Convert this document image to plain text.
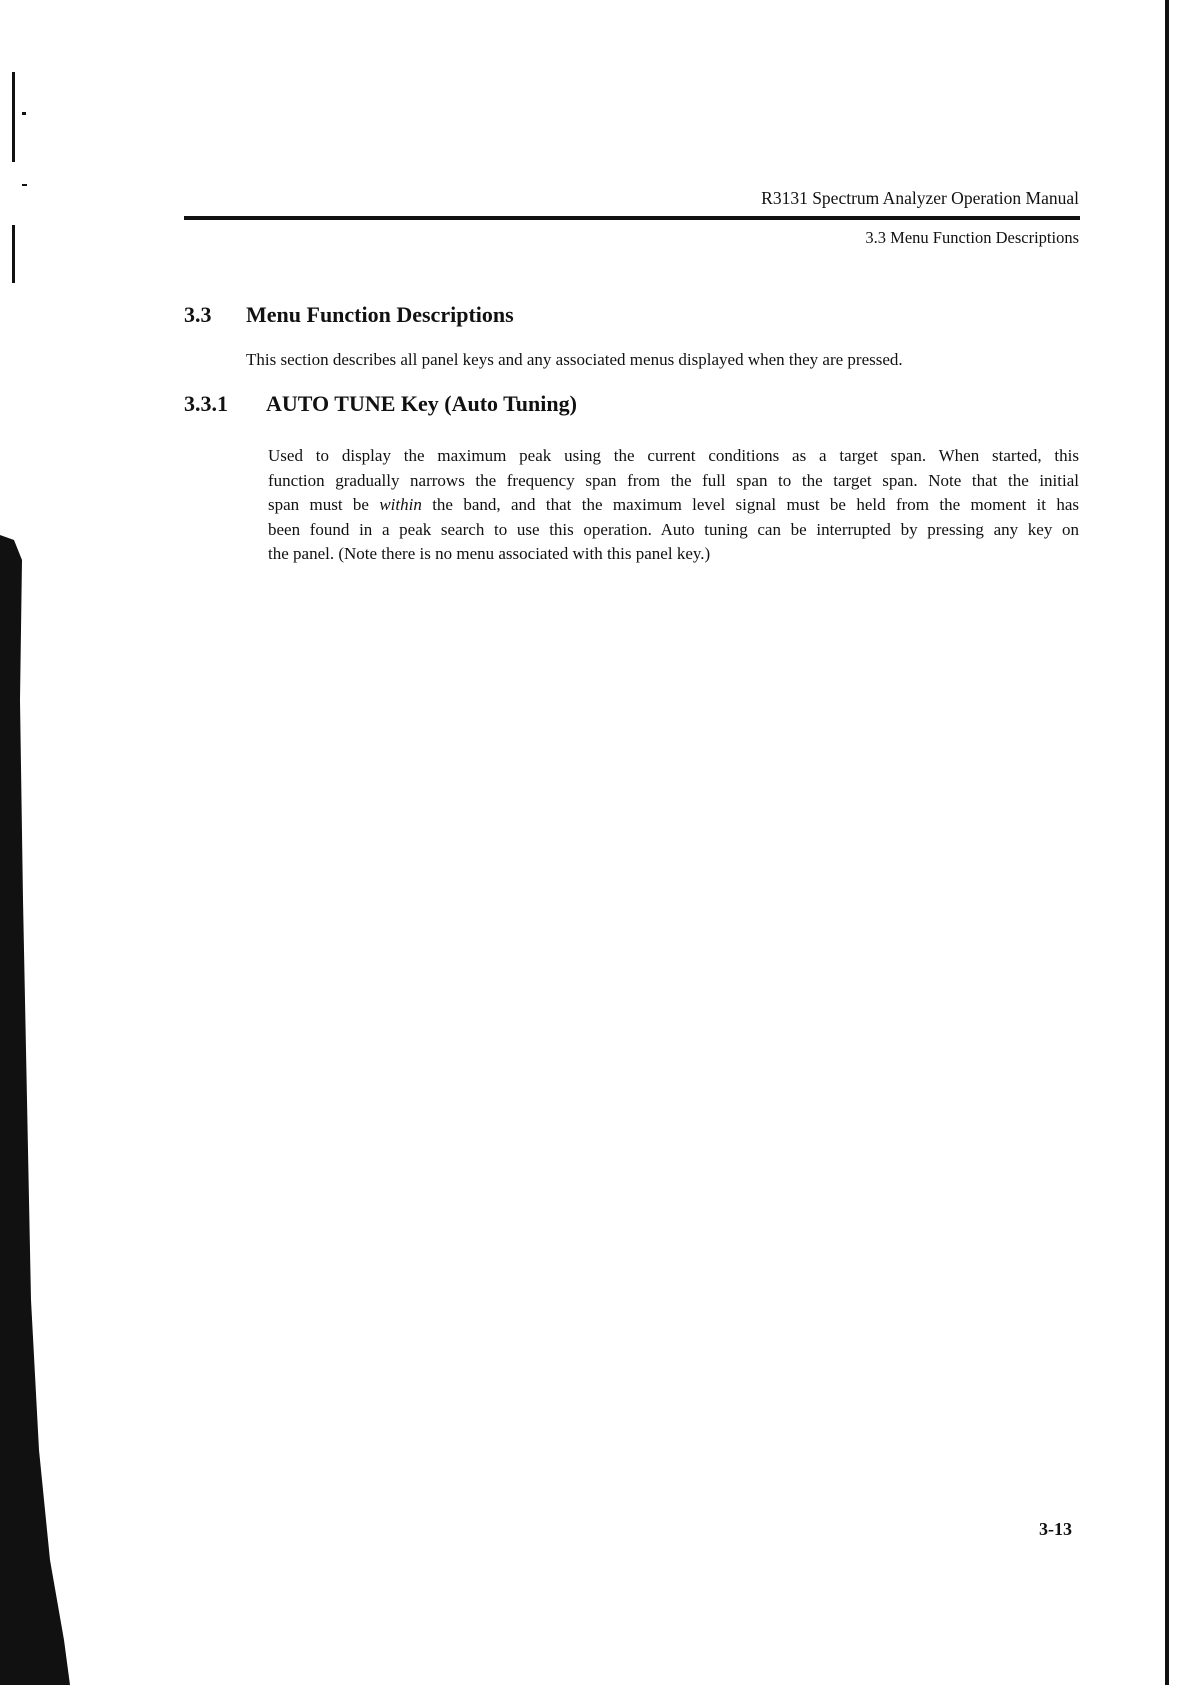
R3131 Spectrum Analyzer Operation Manual
3.3 Menu Function Descriptions
3.3 Menu Function Descriptions
This section describes all panel keys and any associated menus displayed when they are pressed.
3.3.1 AUTO TUNE Key (Auto Tuning)
Used to display the maximum peak using the current conditions as a target span. When started, this
function gradually narrows the frequency span from the full span to the target span. Note that the initial
span must be within the band, and that the maximum level signal must be held from the moment it has
been found in a peak search to use this operation. Auto tuning can be interrupted by pressing any key on
the panel. (Note there is no menu associated with this panel key.)
3-13
